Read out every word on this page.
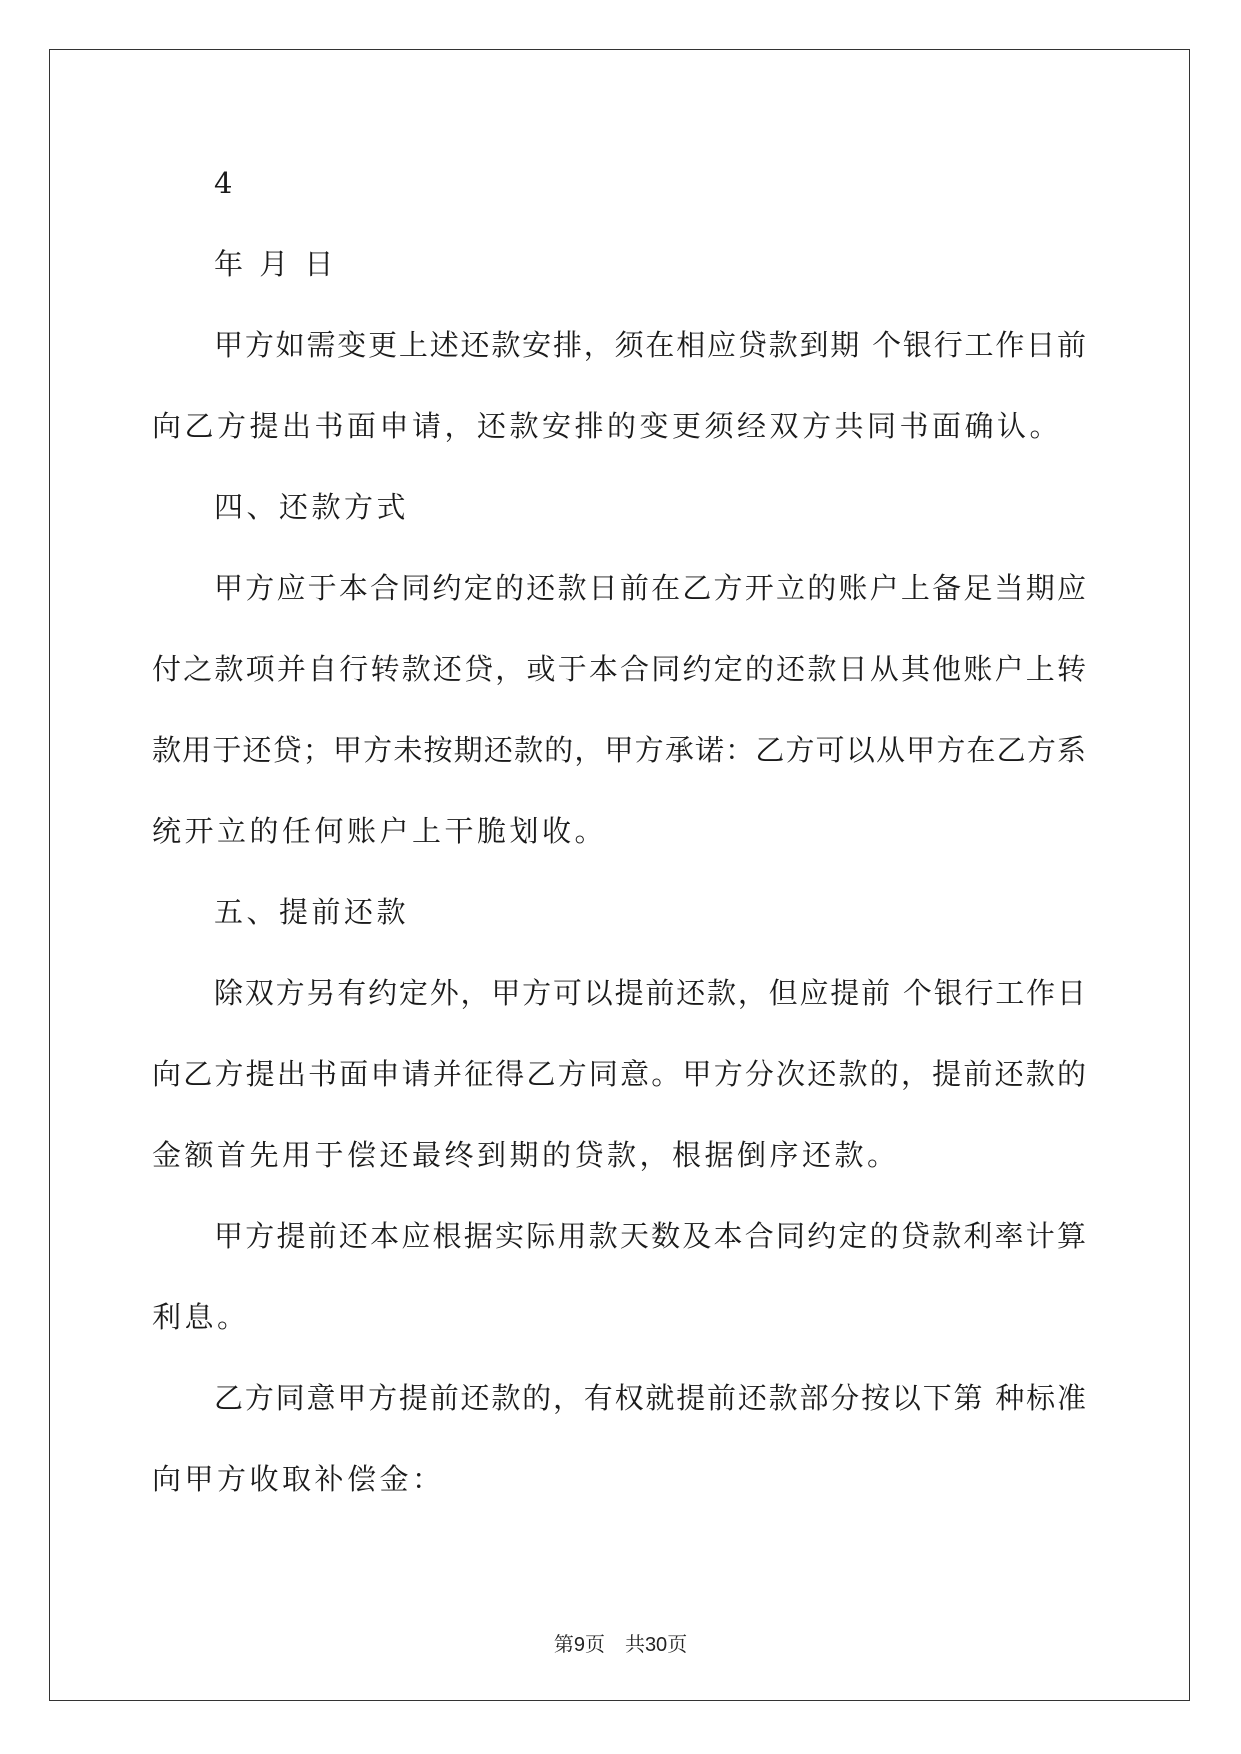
4
年 月 日
甲方如需变更上述还款安排，须在相应贷款到期 个银行工作日前
向乙方提出书面申请，还款安排的变更须经双方共同书面确认。
四、还款方式
甲方应于本合同约定的还款日前在乙方开立的账户上备足当期应
付之款项并自行转款还贷，或于本合同约定的还款日从其他账户上转
款用于还贷；甲方未按期还款的，甲方承诺：乙方可以从甲方在乙方系
统开立的任何账户上干脆划收。
五、提前还款
除双方另有约定外，甲方可以提前还款，但应提前 个银行工作日
向乙方提出书面申请并征得乙方同意。甲方分次还款的，提前还款的
金额首先用于偿还最终到期的贷款，根据倒序还款。
甲方提前还本应根据实际用款天数及本合同约定的贷款利率计算
利息。
乙方同意甲方提前还款的，有权就提前还款部分按以下第 种标准
向甲方收取补偿金：
第9页 共30页
